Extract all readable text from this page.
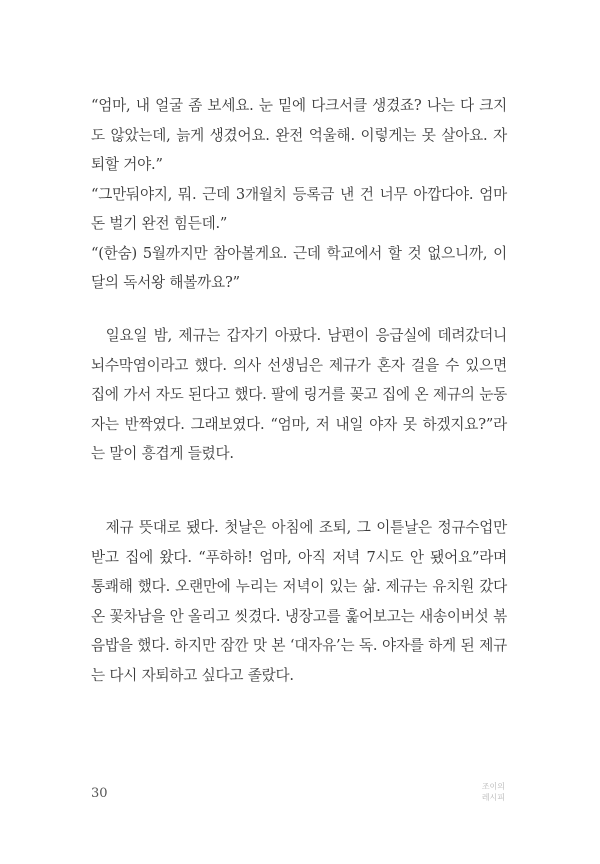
“엄마, 내 얼굴 좀 보세요. 눈 밑에 다크서클 생겼죠? 나는 다 크지도 않았는데, 늙게 생겼어요. 완전 억울해. 이렇게는 못 살아요. 자퇴할 거야.”

“그만둬야지, 뭐. 근데 3개월치 등록금 낸 건 너무 아깝다야. 엄마 돈 벌기 완전 힘든데.”

“(한숨) 5월까지만 참아볼게요. 근데 학교에서 할 것 없으니까, 이달의 독서왕 해볼까요?”

일요일 밤, 제규는 갑자기 아팠다. 남편이 응급실에 데려갔더니 뇌수막염이라고 했다. 의사 선생님은 제규가 혼자 걸을 수 있으면 집에 가서 자도 된다고 했다. 팔에 링거를 꽂고 집에 온 제규의 눈동자는 반짝였다. 그래보였다. “엄마, 저 내일 야자 못 하겠지요?”라는 말이 흥겹게 들렸다.

제규 뜻대로 됐다. 첫날은 아침에 조퇴, 그 이튿날은 정규수업만 받고 집에 왔다. “푸하하! 엄마, 아직 저녁 7시도 안 됐어요”라며 통쾌해 했다. 오랜만에 누리는 저녁이 있는 삶. 제규는 유치원 갔다 온 꽃차남을 안 올리고 씻겼다. 냉장고를 훑어보고는 새송이버섯 볶음밥을 했다. 하지만 잠깐 맛 본 ‘대자유’는 독. 야자를 하게 된 제규는 다시 자퇴하고 싶다고 졸랐다.

30	조이의
레시피
